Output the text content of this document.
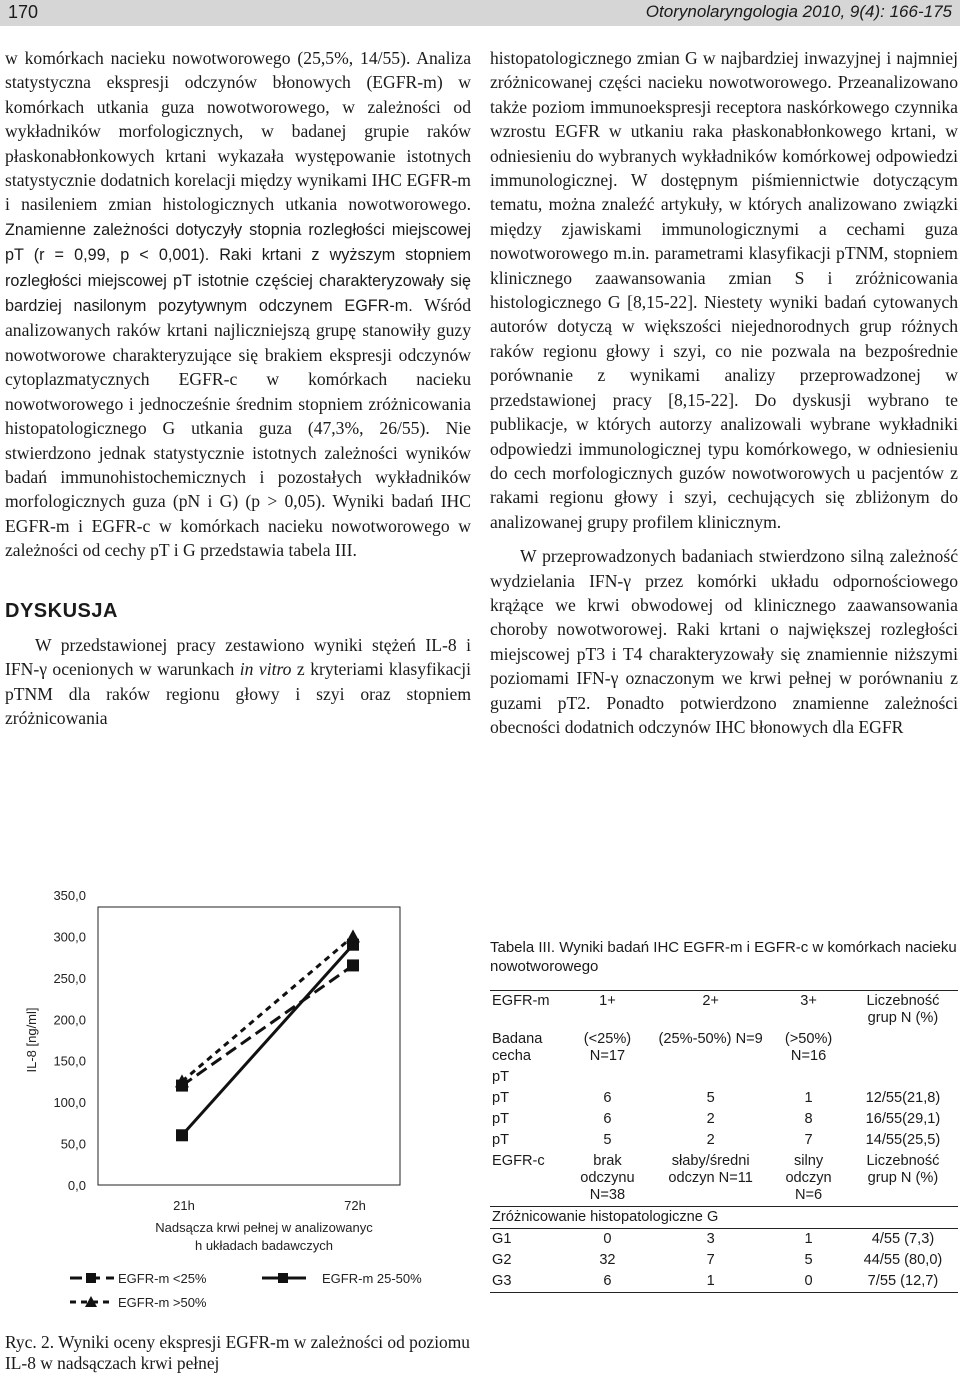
170	Otorynolaryngologia 2010, 9(4): 166-175

w komórkach nacieku nowotworowego (25,5%, 14/55). Analiza statystyczna ekspresji odczynów błonowych (EGFR-m) w komórkach utkania guza nowotworowego, w zależności od wykładników morfologicznych, w badanej grupie raków płaskonabłonkowych krtani wykazała występowanie istotnych statystycznie dodatnich korelacji między wynikami IHC EGFR-m i nasileniem zmian histologicznych utkania nowotworowego. Znamienne zależności dotyczyły stopnia rozległości miejscowej pT (r = 0,99, p < 0,001). Raki krtani z wyższym stopniem rozległości miejscowej pT istotnie częściej charakteryzowały się bardziej nasilonym pozytywnym odczynem EGFR-m. Wśród analizowanych raków krtani najliczniejszą grupę stanowiły guzy nowotworowe charakteryzujące się brakiem ekspresji odczynów cytoplazmatycznych EGFR-c w komórkach nacieku nowotworowego i jednocześnie średnim stopniem zróżnicowania histopatologicznego G utkania guza (47,3%, 26/55). Nie stwierdzono jednak statystycznie istotnych zależności wyników badań immunohistochemicznych i pozostałych wykładników morfologicznych guza (pN i G) (p > 0,05). Wyniki badań IHC EGFR-m i EGFR-c w komórkach nacieku nowotworowego w zależności od cechy pT i G przedstawia tabela III.

DYSKUSJA

W przedstawionej pracy zestawiono wyniki stężeń IL-8 i IFN-γ ocenionych w warunkach in vitro z kryteriami klasyfikacji pTNM dla raków regionu głowy i szyi oraz stopniem zróżnicowania

histopatologicznego zmian G w najbardziej inwazyjnej i najmniej zróżnicowanej części nacieku nowotworowego. Przeanalizowano także poziom immunoekspresji receptora naskórkowego czynnika wzrostu EGFR w utkaniu raka płaskonabłonkowego krtani, w odniesieniu do wybranych wykładników komórkowej odpowiedzi immunologicznej. W dostępnym piśmiennictwie dotyczącym tematu, można znaleźć artykuły, w których analizowano związki między zjawiskami immunologicznymi a cechami guza nowotworowego m.in. parametrami klasyfikacji pTNM, stopniem klinicznego zaawansowania zmian S i zróżnicowania histologicznego G [8,15-22]. Niestety wyniki badań cytowanych autorów dotyczą w większości niejednorodnych grup różnych raków regionu głowy i szyi, co nie pozwala na bezpośrednie porównanie z wynikami analizy przeprowadzonej w przedstawionej pracy [8,15-22]. Do dyskusji wybrano te publikacje, w których autorzy analizowali wybrane wykładniki odpowiedzi immunologicznej typu komórkowego, w odniesieniu do cech morfologicznych guzów nowotworowych u pacjentów z rakami regionu głowy i szyi, cechujących się zbliżonym do analizowanej grupy profilem klinicznym.

W przeprowadzonych badaniach stwierdzono silną zależność wydzielania IFN-γ przez komórki układu odpornościowego krążące we krwi obwodowej od klinicznego zaawansowania choroby nowotworowej. Raki krtani o największej rozległości miejscowej pT3 i T4 charakteryzowały się znamiennie niższymi poziomami IFN-γ oznaczonym we krwi pełnej w porównaniu z guzami pT2. Ponadto potwierdzono znamienne zależności obecności dodatnich odczynów IHC błonowych dla EGFR

0,0
50,0
100,0
150,0
200,0
250,0
300,0
350,0
IL-8 [ng/ml]
21h	72h
Nadsącza krwi pełnej w analizowanyc
h układach badawczych
EGFR-m <25%	EGFR-m 25-50%
EGFR-m >50%
Ryc. 2. Wyniki oceny ekspresji EGFR-m w zależności od poziomu IL-8 w nadsączach krwi pełnej
Tabela III. Wyniki badań IHC EGFR-m i EGFR-c w komórkach nacieku nowotworowego
EGFR-m	1+	2+	3+	Liczebność grup N (%)
Badana cecha	(<25%) N=17	(25%-50%) N=9	(>50%) N=16	
pT				
pT	6	5	1	12/55(21,8)
pT	6	2	8	16/55(29,1)
pT	5	2	7	14/55(25,5)
EGFR-c	brak odczynu N=38	słaby/średni odczyn N=11	silny odczyn N=6	Liczebność grup N (%)
Zróżnicowanie histopatologiczne G				
G1	0	3	1	4/55 (7,3)
G2	32	7	5	44/55 (80,0)
G3	6	1	0	7/55 (12,7)
